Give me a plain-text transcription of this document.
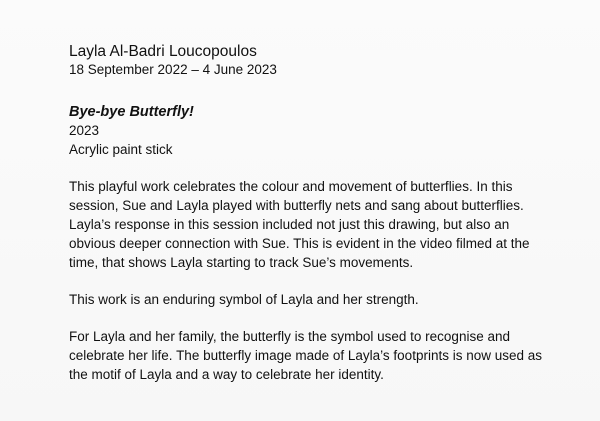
Layla Al-Badri Loucopoulos

18 September 2022 – 4 June 2023

Bye-bye Butterfly!

2023

Acrylic paint stick

This playful work celebrates the colour and movement of butterflies. In this
session, Sue and Layla played with butterfly nets and sang about butterflies.
Layla’s response in this session included not just this drawing, but also an
obvious deeper connection with Sue. This is evident in the video filmed at the
time, that shows Layla starting to track Sue’s movements.

This work is an enduring symbol of Layla and her strength.

For Layla and her family, the butterfly is the symbol used to recognise and
celebrate her life. The butterfly image made of Layla’s footprints is now used as
the motif of Layla and a way to celebrate her identity.
